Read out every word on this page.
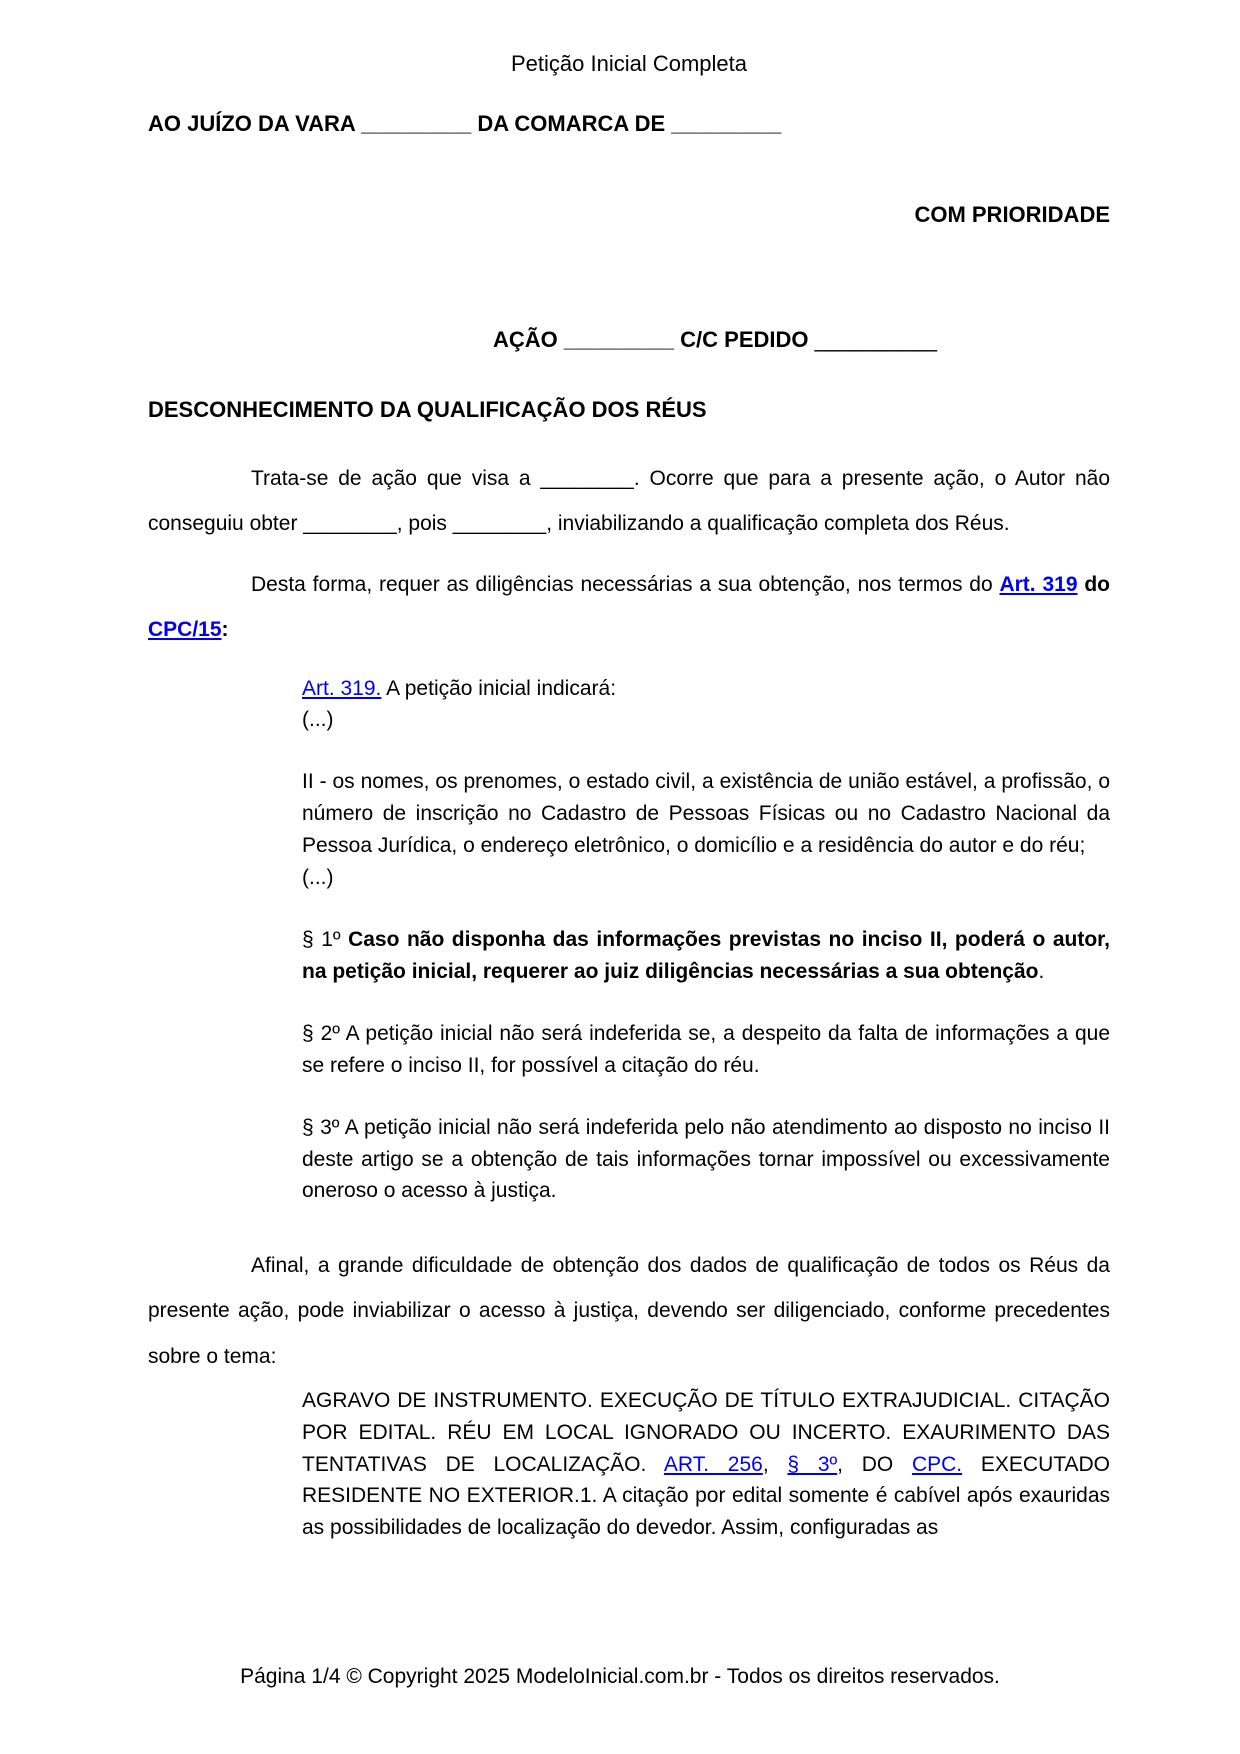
Petição Inicial Completa
AO JUÍZO DA VARA _________ DA COMARCA DE _________
COM PRIORIDADE
AÇÃO _________ C/C PEDIDO __________
DESCONHECIMENTO DA QUALIFICAÇÃO DOS RÉUS

Trata-se de ação que visa a ________. Ocorre que para a presente ação, o Autor não conseguiu obter ________, pois ________, inviabilizando a qualificação completa dos Réus.

Desta forma, requer as diligências necessárias a sua obtenção, nos termos do Art. 319 do CPC/15:

Art. 319. A petição inicial indicará:
(...)

II - os nomes, os prenomes, o estado civil, a existência de união estável, a profissão, o número de inscrição no Cadastro de Pessoas Físicas ou no Cadastro Nacional da Pessoa Jurídica, o endereço eletrônico, o domicílio e a residência do autor e do réu;
(...)

§ 1º Caso não disponha das informações previstas no inciso II, poderá o autor, na petição inicial, requerer ao juiz diligências necessárias a sua obtenção.

§ 2º A petição inicial não será indeferida se, a despeito da falta de informações a que se refere o inciso II, for possível a citação do réu.

§ 3º A petição inicial não será indeferida pelo não atendimento ao disposto no inciso II deste artigo se a obtenção de tais informações tornar impossível ou excessivamente oneroso o acesso à justiça.

Afinal, a grande dificuldade de obtenção dos dados de qualificação de todos os Réus da presente ação, pode inviabilizar o acesso à justiça, devendo ser diligenciado, conforme precedentes sobre o tema:

AGRAVO DE INSTRUMENTO. EXECUÇÃO DE TÍTULO EXTRAJUDICIAL. CITAÇÃO POR EDITAL. RÉU EM LOCAL IGNORADO OU INCERTO. EXAURIMENTO DAS TENTATIVAS DE LOCALIZAÇÃO. ART. 256, § 3º, DO CPC. EXECUTADO RESIDENTE NO EXTERIOR.1. A citação por edital somente é cabível após exauridas as possibilidades de localização do devedor. Assim, configuradas as

Página 1/4 © Copyright 2025 ModeloInicial.com.br - Todos os direitos reservados.
